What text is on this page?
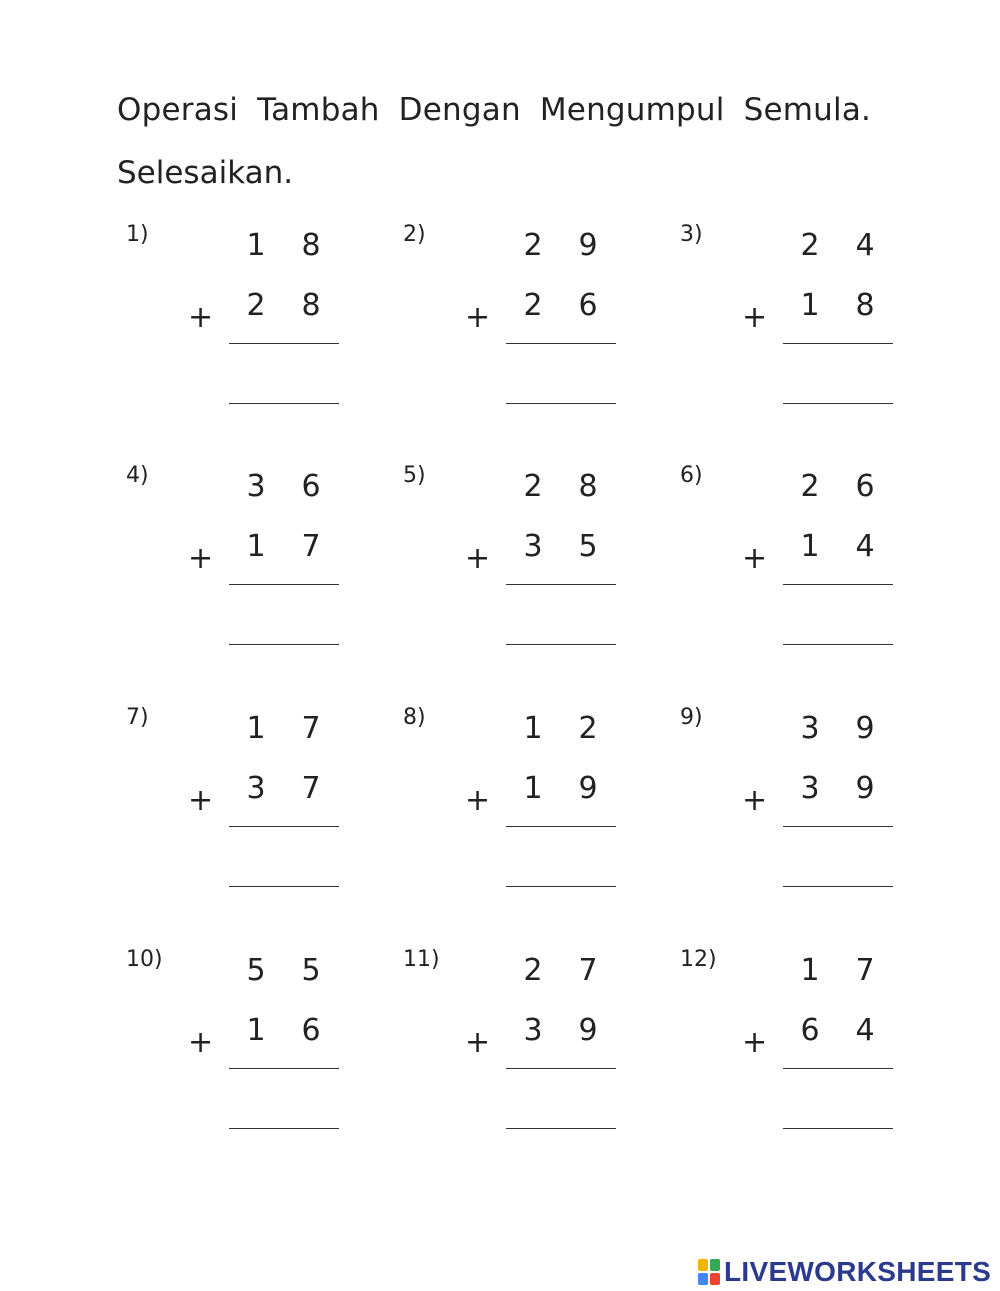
Operasi Tambah Dengan Mengumpul Semula.
Selesaikan.
1)	1 8
2 8
+
2)	2 9
2 6
+
3)	2 4
1 8
+
4)	3 6
1 7
+
5)	2 8
3 5
+
6)	2 6
1 4
+
7)	1 7
3 7
+
8)	1 2
1 9
+
9)	3 9
3 9
+
10)	5 5
1 6
+
11)	2 7
3 9
+
12)	1 7
6 4
+
LIVEWORKSHEETS
